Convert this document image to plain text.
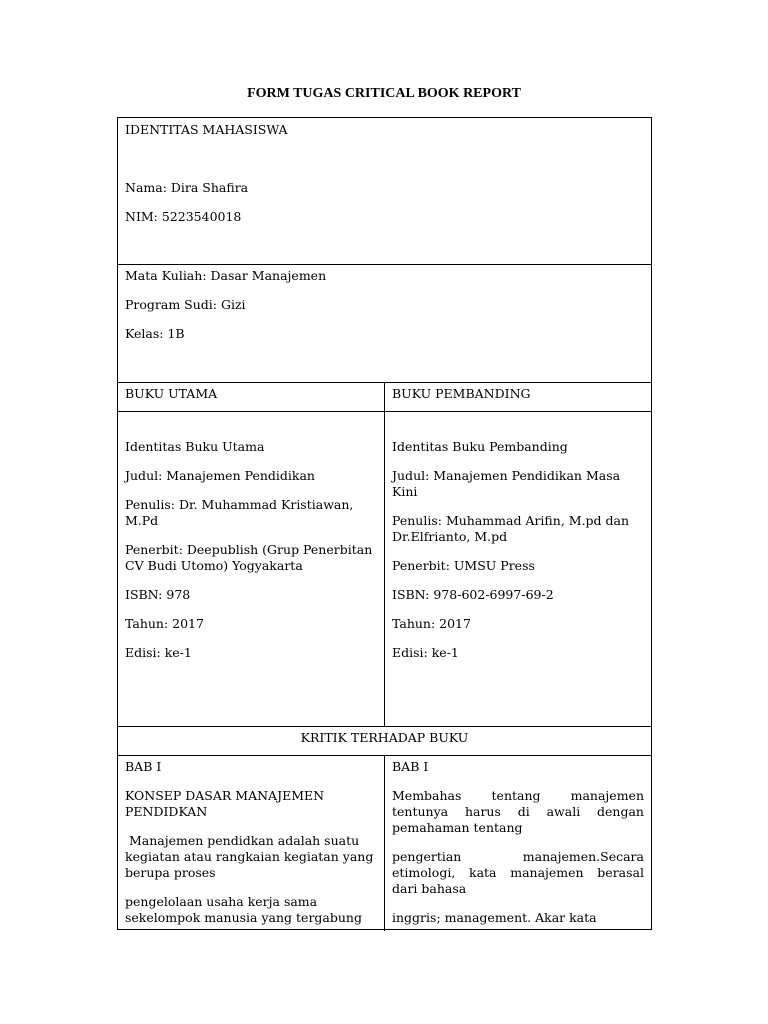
FORM TUGAS CRITICAL BOOK REPORT
IDENTITAS MAHASISWA
Nama: Dira Shafira
NIM: 5223540018
Mata Kuliah: Dasar Manajemen
Program Sudi: Gizi
Kelas: 1B
BUKU UTAMA	BUKU PEMBANDING
Identitas Buku Utama
Judul: Manajemen Pendidikan
Penulis: Dr. Muhammad Kristiawan, M.Pd
Penerbit: Deepublish (Grup Penerbitan CV Budi Utomo) Yogyakarta
ISBN: 978
Tahun: 2017
Edisi: ke-1
Identitas Buku Pembanding
Judul: Manajemen Pendidikan Masa Kini
Penulis: Muhammad Arifin, M.pd dan Dr.Elfrianto, M.pd
Penerbit: UMSU Press
ISBN: 978-602-6997-69-2
Tahun: 2017
Edisi: ke-1
KRITIK TERHADAP BUKU
BAB I
KONSEP DASAR MANAJEMEN PENDIDKAN
Manajemen pendidkan adalah suatu kegiatan atau rangkaian kegiatan yang berupa proses
pengelolaan usaha kerja sama sekelompok manusia yang tergabung
BAB I
Membahas tentang manajemen tentunya harus di awali dengan pemahaman tentang
pengertian manajemen.Secara etimologi, kata manajemen berasal dari bahasa
inggris; management. Akar kata
